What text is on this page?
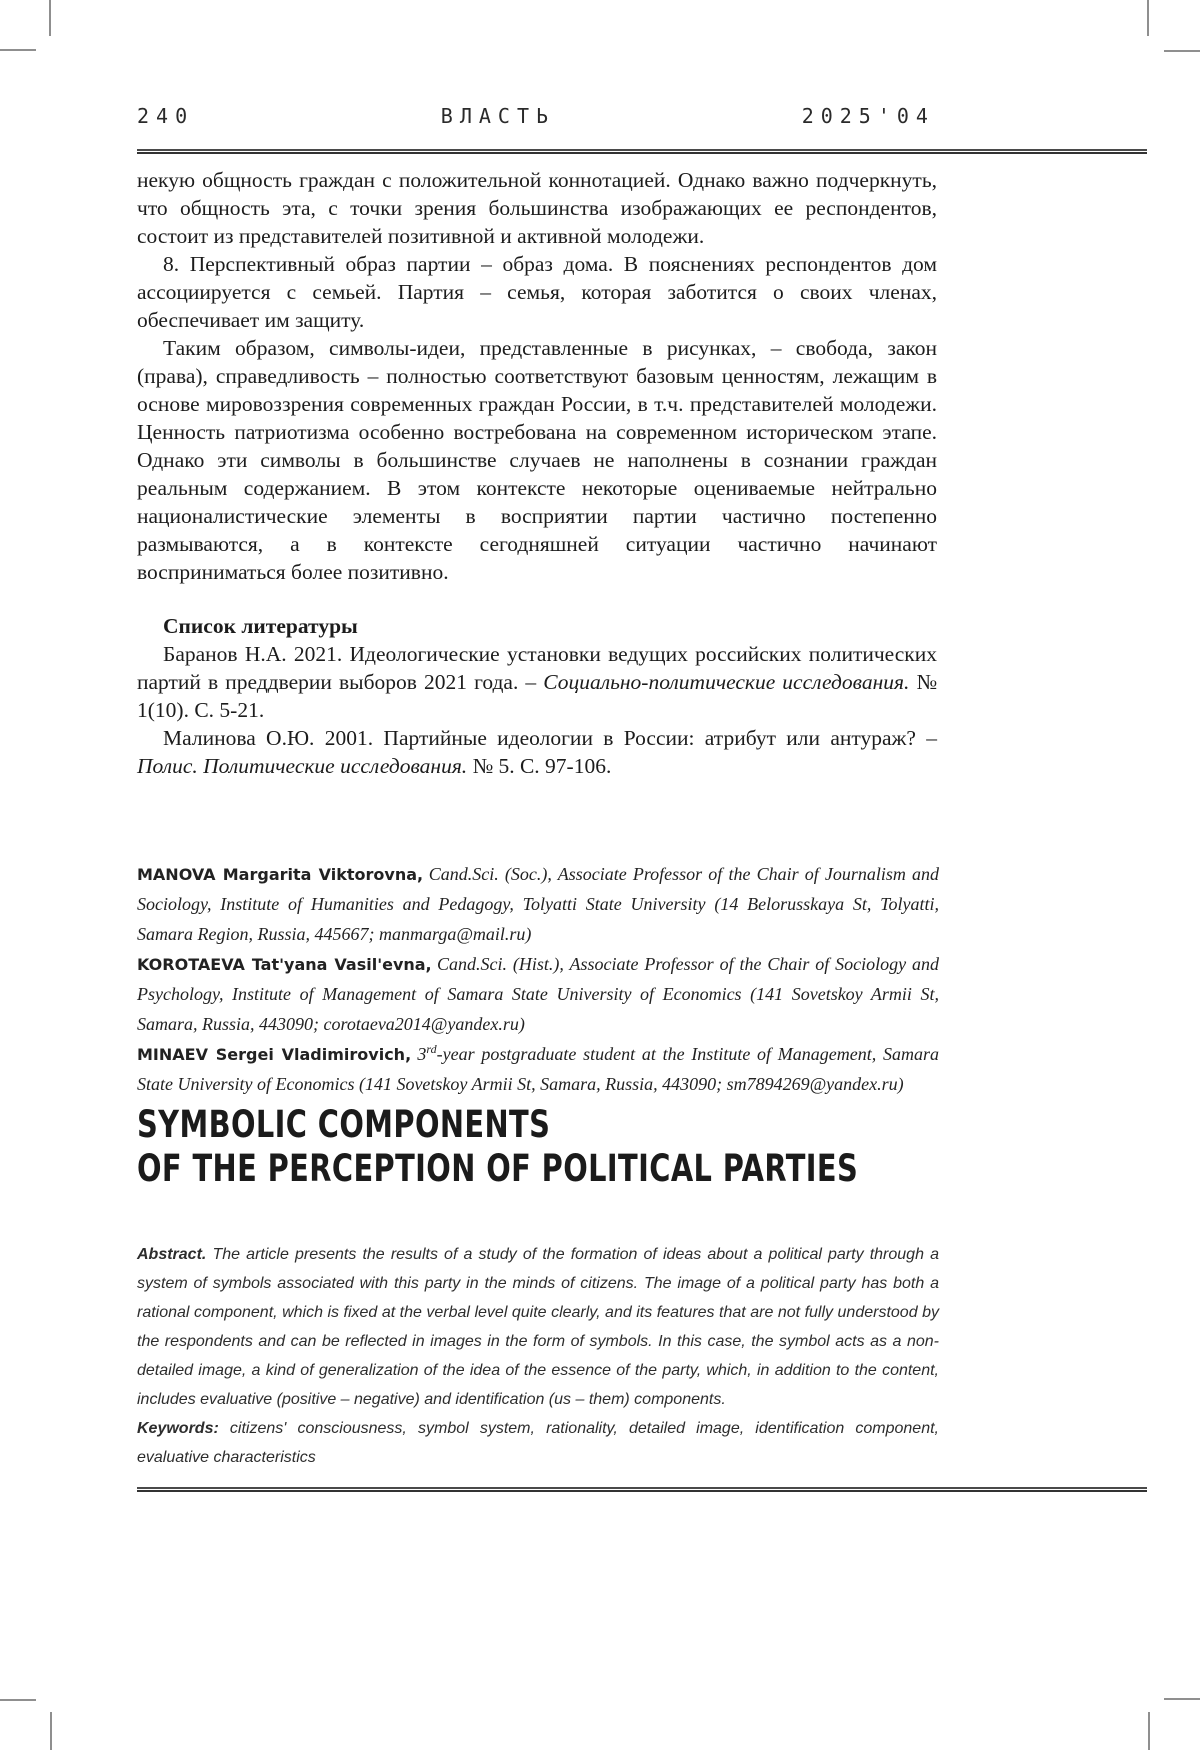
240	ВЛАСТЬ	2025'04

некую общность граждан с положительной коннотацией. Однако важно подчеркнуть, что общность эта, с точки зрения большинства изображающих ее респондентов, состоит из представителей позитивной и активной молодежи.

8. Перспективный образ партии – образ дома. В пояснениях респондентов дом ассоциируется с семьей. Партия – семья, которая заботится о своих членах, обеспечивает им защиту.

Таким образом, символы-идеи, представленные в рисунках, – свобода, закон (права), справедливость – полностью соответствуют базовым ценностям, лежащим в основе мировоззрения современных граждан России, в т.ч. представителей молодежи. Ценность патриотизма особенно востребована на современном историческом этапе. Однако эти символы в большинстве случаев не наполнены в сознании граждан реальным содержанием. В этом контексте некоторые оцениваемые нейтрально националистические элементы в восприятии партии частично постепенно размываются, а в контексте сегодняшней ситуации частично начинают восприниматься более позитивно.

Список литературы

Баранов Н.А. 2021. Идеологические установки ведущих российских политических партий в преддверии выборов 2021 года. – Социально-политические исследования. № 1(10). С. 5-21.

Малинова О.Ю. 2001. Партийные идеологии в России: атрибут или антураж? – Полис. Политические исследования. № 5. С. 97-106.

MANOVA Margarita Viktorovna, Cand.Sci. (Soc.), Associate Professor of the Chair of Journalism and Sociology, Institute of Humanities and Pedagogy, Tolyatti State University (14 Belorusskaya St, Tolyatti, Samara Region, Russia, 445667; manmarga@mail.ru)

KOROTAEVA Tat'yana Vasil'evna, Cand.Sci. (Hist.), Associate Professor of the Chair of Sociology and Psychology, Institute of Management of Samara State University of Economics (141 Sovetskoy Armii St, Samara, Russia, 443090; corotaeva2014@yandex.ru)

MINAEV Sergei Vladimirovich, 3rd-year postgraduate student at the Institute of Management, Samara State University of Economics (141 Sovetskoy Armii St, Samara, Russia, 443090; sm7894269@yandex.ru)

SYMBOLIC COMPONENTS
OF THE PERCEPTION OF POLITICAL PARTIES

Abstract. The article presents the results of a study of the formation of ideas about a political party through a system of symbols associated with this party in the minds of citizens. The image of a political party has both a rational component, which is fixed at the verbal level quite clearly, and its features that are not fully understood by the respondents and can be reflected in images in the form of symbols. In this case, the symbol acts as a non-detailed image, a kind of generalization of the idea of the essence of the party, which, in addition to the content, includes evaluative (positive – negative) and identification (us – them) components.

Keywords: citizens' consciousness, symbol system, rationality, detailed image, identification component, evaluative characteristics
